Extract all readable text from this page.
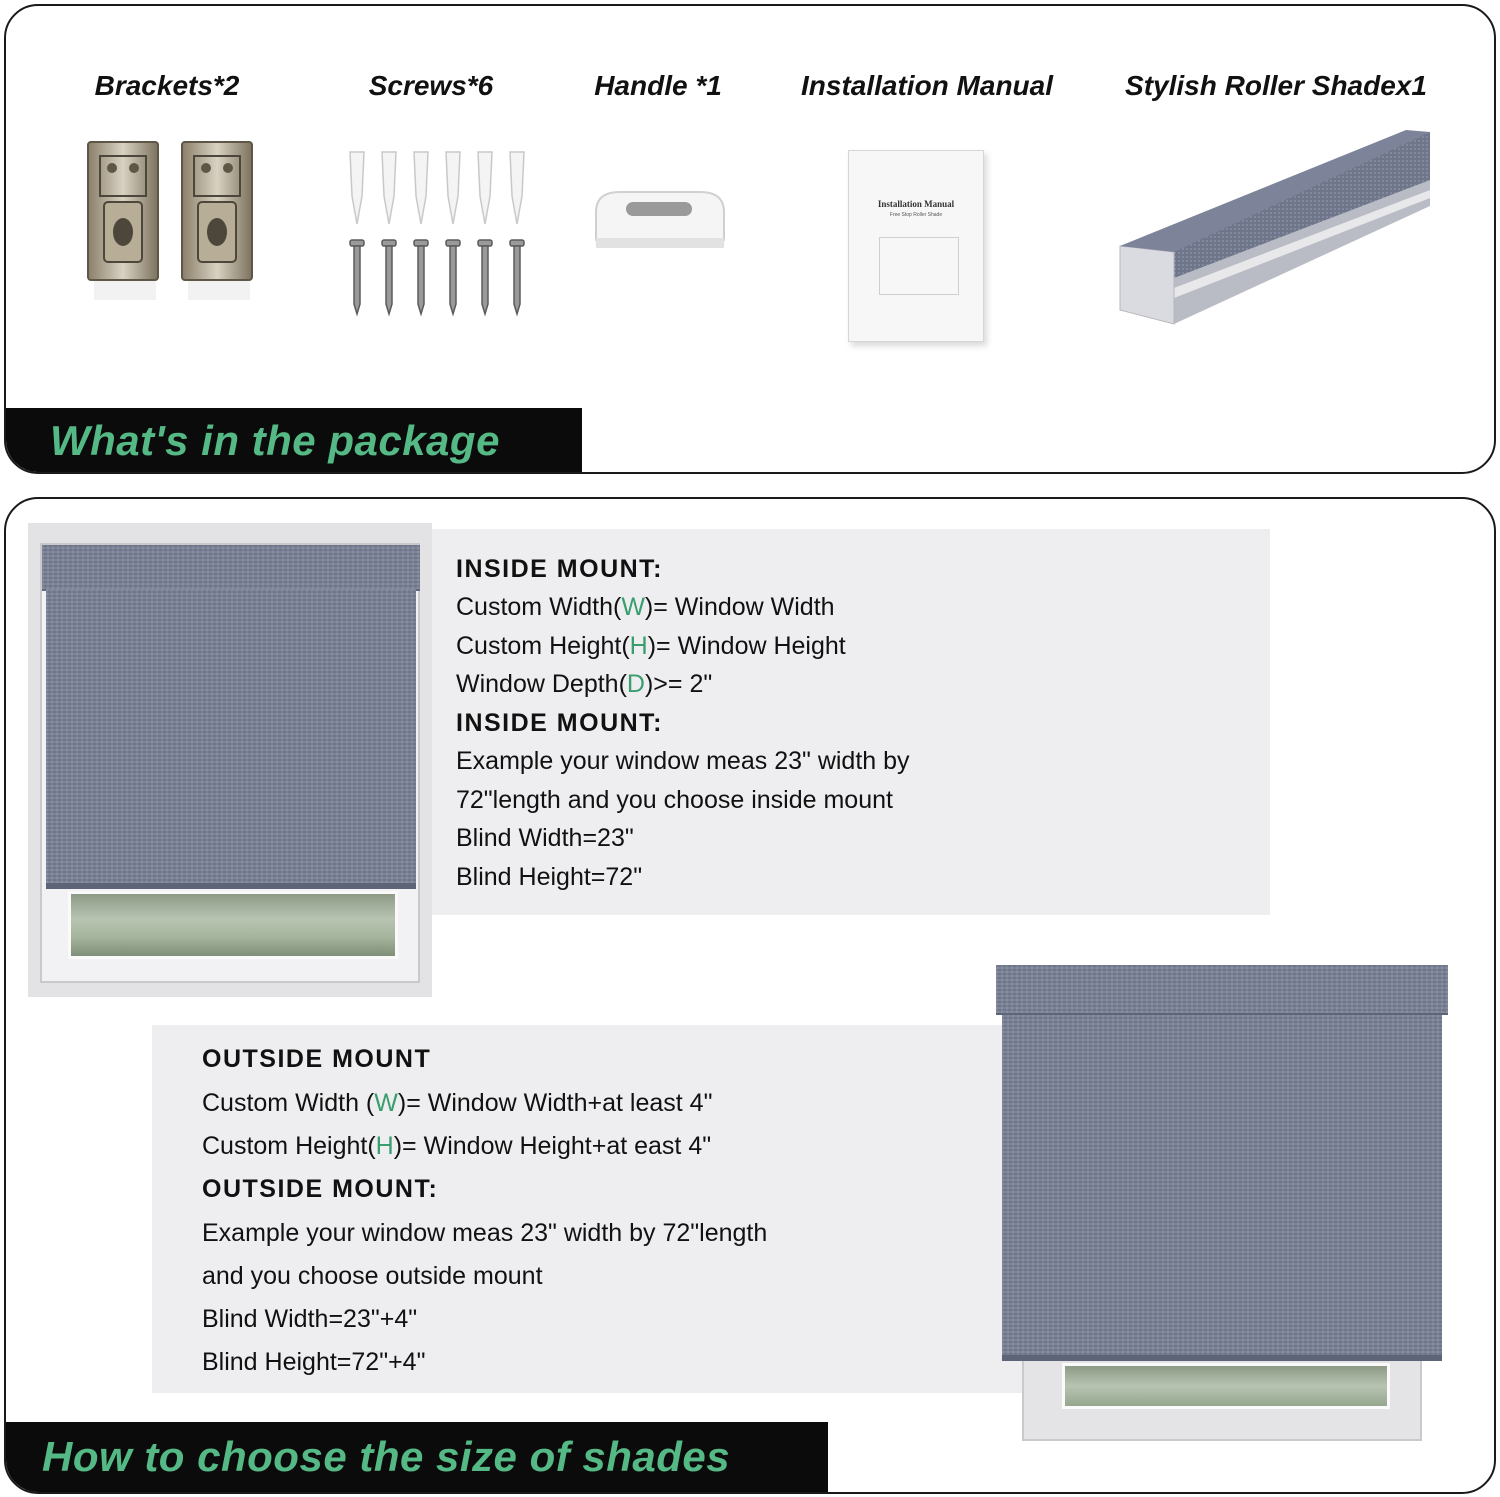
Brackets*2	Screws*6	Handle *1	Installation Manual	Stylish Roller Shadex1
Installation Manual
Free Stop Roller Shade
What's in the package
INSIDE MOUNT:
Custom Width(W)= Window Width
Custom Height(H)= Window Height
Window Depth(D)>= 2"
INSIDE MOUNT:
Example your window meas 23" width by
72"length and you choose inside mount
Blind Width=23"
Blind Height=72"
OUTSIDE MOUNT
Custom Width (W)= Window Width+at least 4"
Custom Height(H)= Window Height+at east 4"
OUTSIDE MOUNT:
Example your window meas 23" width by 72"length
and you choose outside mount
Blind Width=23"+4"
Blind Height=72"+4"
How to choose the size of shades
